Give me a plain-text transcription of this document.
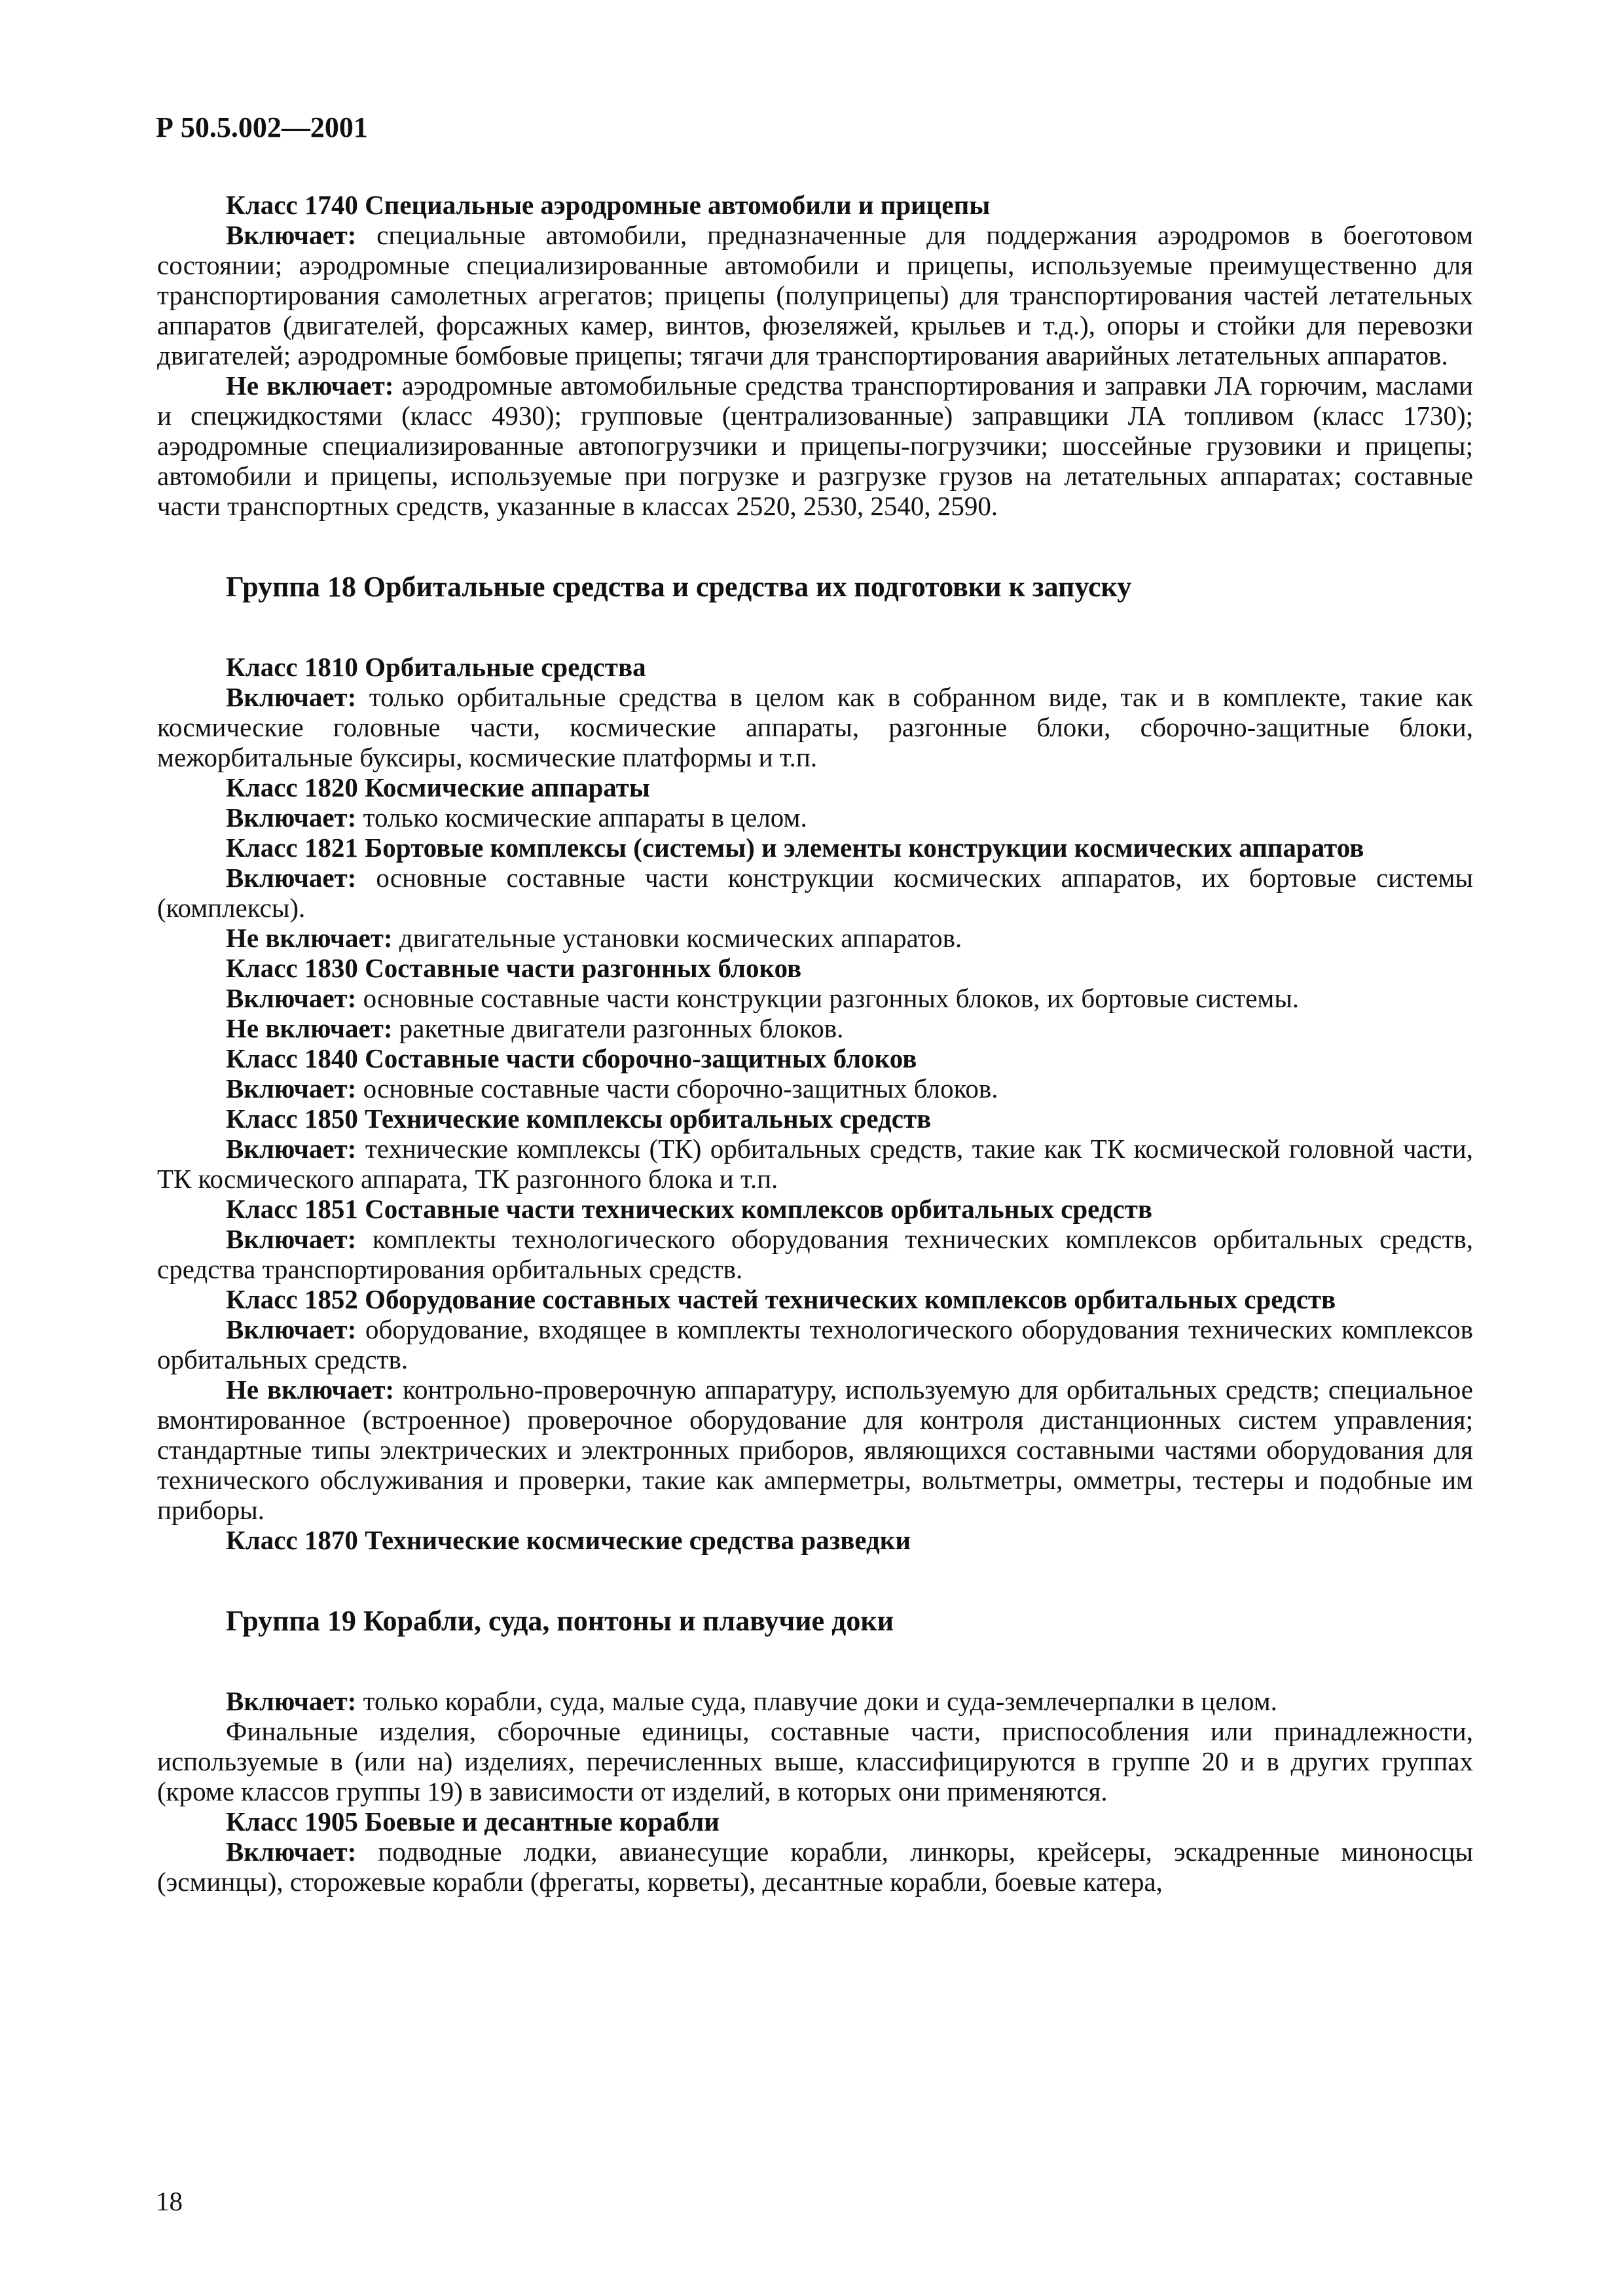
Р 50.5.002—2001

Класс 1740 Специальные аэродромные автомобили и прицепы

Включает: специальные автомобили, предназначенные для поддержания аэродромов в боеготовом состоянии; аэродромные специализированные автомобили и прицепы, используемые преимущественно для транспортирования самолетных агрегатов; прицепы (полуприцепы) для транспортирования частей летательных аппаратов (двигателей, форсажных камер, винтов, фюзеляжей, крыльев и т.д.), опоры и стойки для перевозки двигателей; аэродромные бомбовые прицепы; тягачи для транспортирования аварийных летательных аппаратов.

Не включает: аэродромные автомобильные средства транспортирования и заправки ЛА горючим, маслами и спецжидкостями (класс 4930); групповые (централизованные) заправщики ЛА топливом (класс 1730); аэродромные специализированные автопогрузчики и прицепы-погрузчики; шоссейные грузовики и прицепы; автомобили и прицепы, используемые при погрузке и разгрузке грузов на летательных аппаратах; составные части транспортных средств, указанные в классах 2520, 2530, 2540, 2590.

Группа 18 Орбитальные средства и средства их подготовки к запуску

Класс 1810 Орбитальные средства

Включает: только орбитальные средства в целом как в собранном виде, так и в комплекте, такие как космические головные части, космические аппараты, разгонные блоки, сборочно-защитные блоки, межорбитальные буксиры, космические платформы и т.п.

Класс 1820 Космические аппараты

Включает: только космические аппараты в целом.

Класс 1821 Бортовые комплексы (системы) и элементы конструкции космических аппаратов

Включает: основные составные части конструкции космических аппаратов, их бортовые системы (комплексы).

Не включает: двигательные установки космических аппаратов.

Класс 1830 Составные части разгонных блоков

Включает: основные составные части конструкции разгонных блоков, их бортовые системы.

Не включает: ракетные двигатели разгонных блоков.

Класс 1840 Составные части сборочно-защитных блоков

Включает: основные составные части сборочно-защитных блоков.

Класс 1850 Технические комплексы орбитальных средств

Включает: технические комплексы (ТК) орбитальных средств, такие как ТК космической головной части, ТК космического аппарата, ТК разгонного блока и т.п.

Класс 1851 Составные части технических комплексов орбитальных средств

Включает: комплекты технологического оборудования технических комплексов орбитальных средств, средства транспортирования орбитальных средств.

Класс 1852 Оборудование составных частей технических комплексов орбитальных средств

Включает: оборудование, входящее в комплекты технологического оборудования технических комплексов орбитальных средств.

Не включает: контрольно-проверочную аппаратуру, используемую для орбитальных средств; специальное вмонтированное (встроенное) проверочное оборудование для контроля дистанционных систем управления; стандартные типы электрических и электронных приборов, являющихся составными частями оборудования для технического обслуживания и проверки, такие как амперметры, вольтметры, омметры, тестеры и подобные им приборы.

Класс 1870 Технические космические средства разведки

Группа 19 Корабли, суда, понтоны и плавучие доки

Включает: только корабли, суда, малые суда, плавучие доки и суда-землечерпалки в целом.

Финальные изделия, сборочные единицы, составные части, приспособления или принадлежности, используемые в (или на) изделиях, перечисленных выше, классифицируются в группе 20 и в других группах (кроме классов группы 19) в зависимости от изделий, в которых они применяются.

Класс 1905 Боевые и десантные корабли

Включает: подводные лодки, авианесущие корабли, линкоры, крейсеры, эскадренные миноносцы (эсминцы), сторожевые корабли (фрегаты, корветы), десантные корабли, боевые катера,

18
